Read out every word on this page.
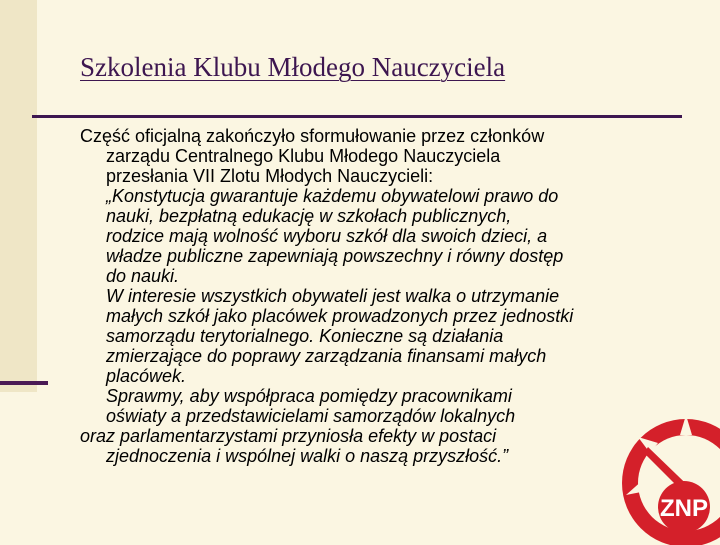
Szkolenia Klubu Młodego Nauczyciela
Część oficjalną zakończyło sformułowanie przez członków
zarządu Centralnego Klubu Młodego Nauczyciela
przesłania VII Zlotu Młodych Nauczycieli:
„Konstytucja gwarantuje każdemu obywatelowi prawo do
nauki, bezpłatną edukację w szkołach publicznych,
rodzice mają wolność wyboru szkół dla swoich dzieci, a
władze publiczne zapewniają powszechny i równy dostęp
do nauki.
W interesie wszystkich obywateli jest walka o utrzymanie
małych szkół jako placówek prowadzonych przez jednostki
samorządu terytorialnego. Konieczne są działania
zmierzające do poprawy zarządzania finansami małych
placówek.
Sprawmy, aby współpraca pomiędzy pracownikami
oświaty a przedstawicielami samorządów lokalnych
oraz parlamentarzystami przyniosła efekty w postaci
zjednoczenia i wspólnej walki o naszą przyszłość.”
ZNP
